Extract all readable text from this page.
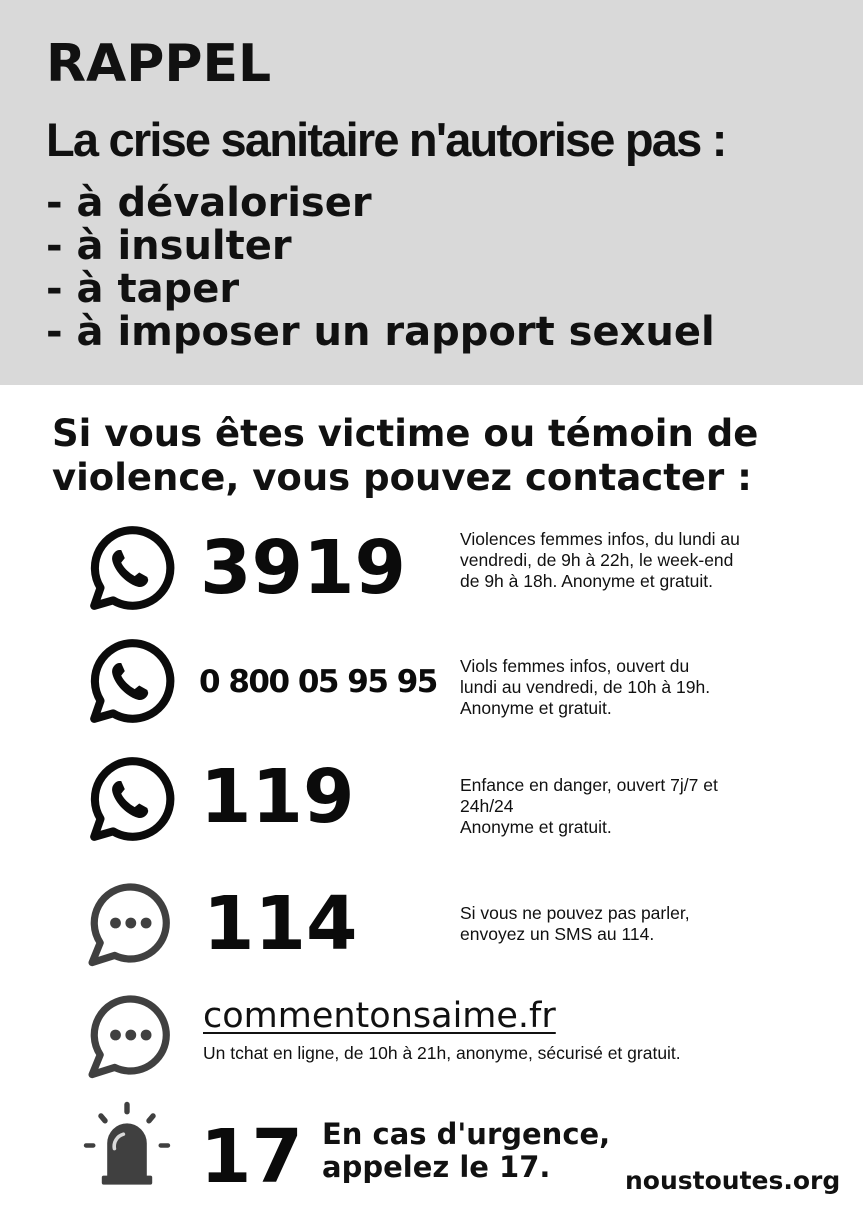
RAPPEL
La crise sanitaire n'autorise pas :
- à dévaloriser
- à insulter
- à taper
- à imposer un rapport sexuel
Si vous êtes victime ou témoin de violence, vous pouvez contacter :
3919	Violences femmes infos, du lundi au
vendredi, de 9h à 22h, le week-end
de 9h à 18h. Anonyme et gratuit.
0 800 05 95 95 Viols femmes infos, ouvert du
lundi au vendredi, de 10h à 19h.
Anonyme et gratuit.
119	Enfance en danger, ouvert 7j/7 et
24h/24
Anonyme et gratuit.
114	Si vous ne pouvez pas parler,
envoyez un SMS au 114.
commentonsaime.fr
Un tchat en ligne, de 10h à 21h, anonyme, sécurisé et gratuit.
17 En cas d'urgence,
appelez le 17.	noustoutes.org
